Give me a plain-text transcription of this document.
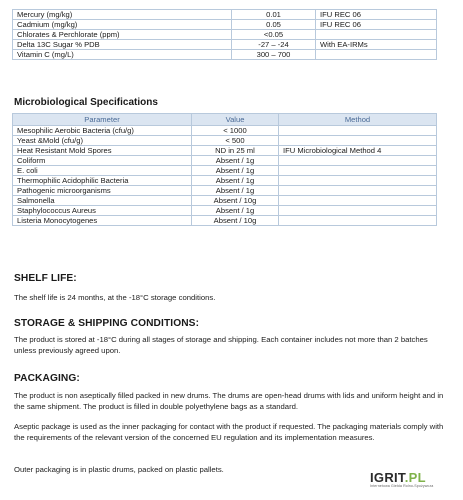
Mercury (mg/kg)	0.01	IFU REC 06
Cadmium (mg/kg)	0.05	IFU REC 06
Chlorates & Perchlorate (ppm)	<0.05	
Delta 13C Sugar % PDB	-27 – -24	With EA-IRMs
Vitamin C (mg/L)	300 – 700	
Microbiological Specifications
Parameter	Value	Method
Mesophilic Aerobic Bacteria (cfu/g)	< 1000	
Yeast &Mold (cfu/g)	< 500	
Heat Resistant Mold Spores	ND in 25 ml	IFU Microbiological Method 4
Coliform	Absent / 1g	
E. coli	Absent / 1g	
Thermophilic Acidophilic Bacteria	Absent / 1g	
Pathogenic microorganisms	Absent / 1g	
Salmonella	Absent / 10g	
Staphylococcus Aureus	Absent / 1g	
Listeria Monocytogenes	Absent / 10g	
SHELF LIFE:
The shelf life is 24 months, at the -18°C storage conditions.
STORAGE & SHIPPING CONDITIONS:
The product is stored at -18°C during all stages of storage and shipping. Each container includes not more than 2 batches unless previously agreed upon.
PACKAGING:
The product is non aseptically filled packed in new drums. The drums are open-head drums with lids and uniform height and in the same shipment. The product is filled in double polyethylene bags as a standard.
Aseptic package is used as the inner packaging for contact with the product if requested. The packaging materials comply with the requirements of the relevant version of the concerned EU regulation and its implementation measures.
Outer packaging is in plastic drums, packed on plastic pallets.
IGRIT.PL
Internetowa Giełda Rolno-Spożywcza
